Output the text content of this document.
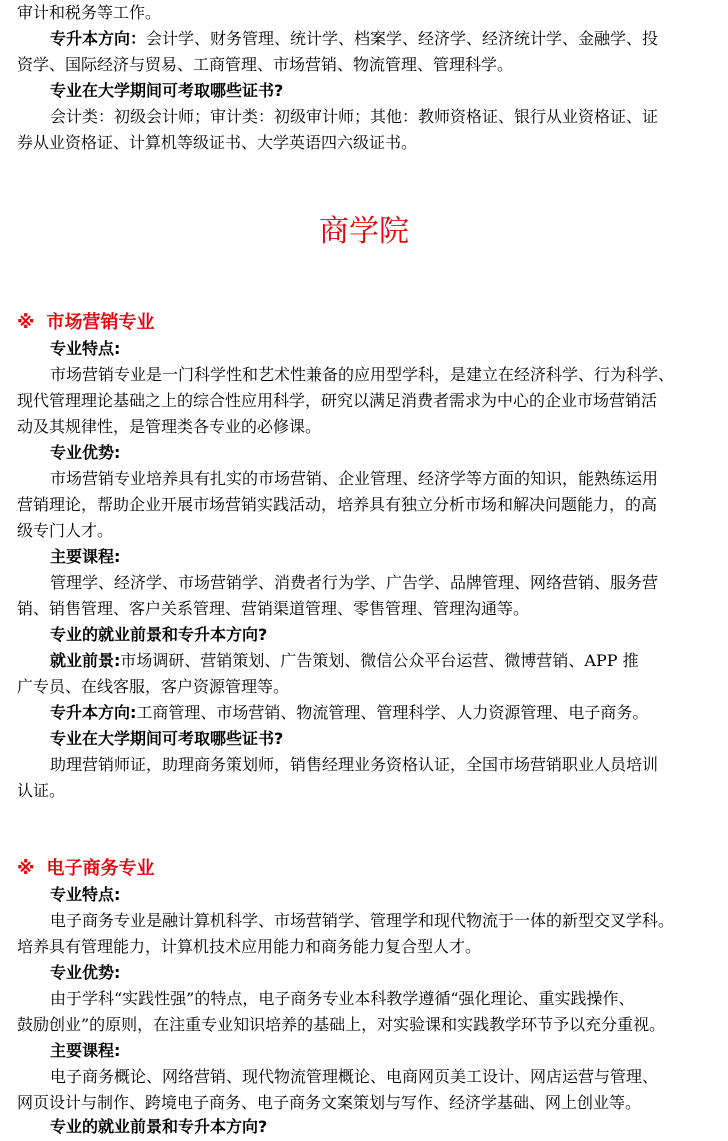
审计和税务等工作。
专升本方向：会计学、财务管理、统计学、档案学、经济学、经济统计学、金融学、投
资学、国际经济与贸易、工商管理、市场营销、物流管理、管理科学。
专业在大学期间可考取哪些证书?
会计类：初级会计师；审计类：初级审计师；其他：教师资格证、银行从业资格证、证
券从业资格证、计算机等级证书、大学英语四六级证书。
商学院
※ 市场营销专业
专业特点:
市场营销专业是一门科学性和艺术性兼备的应用型学科，是建立在经济科学、行为科学、
现代管理理论基础之上的综合性应用科学，研究以满足消费者需求为中心的企业市场营销活
动及其规律性，是管理类各专业的必修课。
专业优势:
市场营销专业培养具有扎实的市场营销、企业管理、经济学等方面的知识，能熟练运用
营销理论，帮助企业开展市场营销实践活动，培养具有独立分析市场和解决问题能力，的高
级专门人才。
主要课程:
管理学、经济学、市场营销学、消费者行为学、广告学、品牌管理、网络营销、服务营
销、销售管理、客户关系管理、营销渠道管理、零售管理、管理沟通等。
专业的就业前景和专升本方向?
就业前景:市场调研、营销策划、广告策划、微信公众平台运营、微博营销、APP 推
广专员、在线客服，客户资源管理等。
专升本方向:工商管理、市场营销、物流管理、管理科学、人力资源管理、电子商务。
专业在大学期间可考取哪些证书?
助理营销师证，助理商务策划师，销售经理业务资格认证，全国市场营销职业人员培训
认证。
※ 电子商务专业
专业特点:
电子商务专业是融计算机科学、市场营销学、管理学和现代物流于一体的新型交叉学科。
培养具有管理能力，计算机技术应用能力和商务能力复合型人才。
专业优势:
由于学科“实践性强”的特点，电子商务专业本科教学遵循“强化理论、重实践操作、
鼓励创业”的原则，在注重专业知识培养的基础上，对实验课和实践教学环节予以充分重视。
主要课程:
电子商务概论、网络营销、现代物流管理概论、电商网页美工设计、网店运营与管理、
网页设计与制作、跨境电子商务、电子商务文案策划与写作、经济学基础、网上创业等。
专业的就业前景和专升本方向?
